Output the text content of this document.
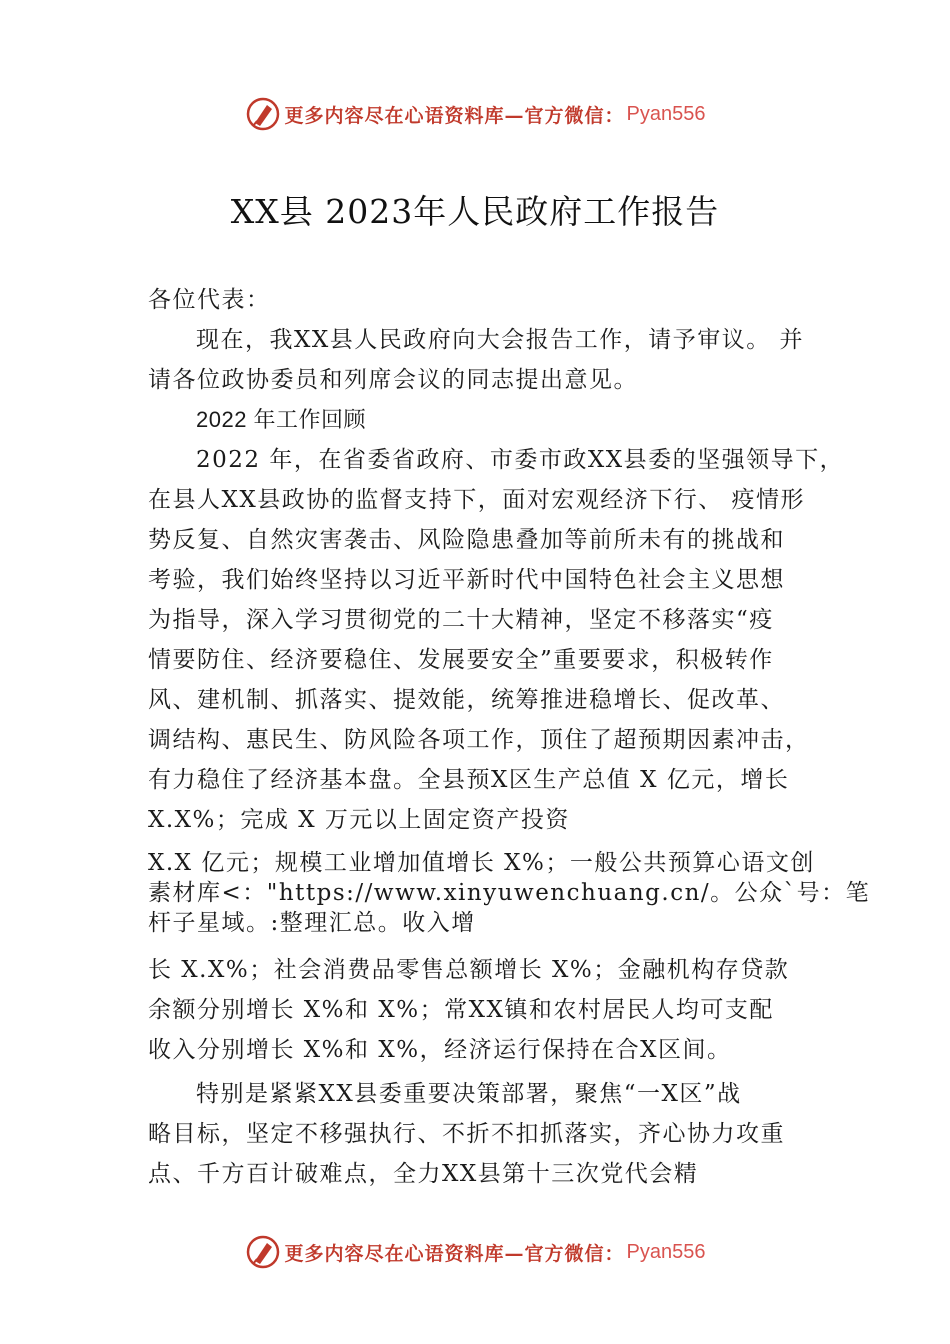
更多内容尽在心语资料库—官方微信： Pyan556
XX县 2023年人民政府工作报告
各位代表：
现在，我XX县人民政府向大会报告工作，请予审议。 并
请各位政协委员和列席会议的同志提出意见。
2022 年工作回顾
2022 年，在省委省政府、市委市政XX县委的坚强领导下，
在县人XX县政协的监督支持下，面对宏观经济下行、 疫情形
势反复、自然灾害袭击、风险隐患叠加等前所未有的挑战和
考验，我们始终坚持以习近平新时代中国特色社会主义思想
为指导，深入学习贯彻党的二十大精神，坚定不移落实“疫
情要防住、经济要稳住、发展要安全”重要要求，积极转作
风、建机制、抓落实、提效能，统筹推进稳增长、促改革、
调结构、惠民生、防风险各项工作，顶住了超预期因素冲击，
有力稳住了经济基本盘。全县预X区生产总值 X 亿元，增长
X.X%；完成 X 万元以上固定资产投资
X.X 亿元；规模工业增加值增长 X%；一般公共预算心语文创
素材库<："https://www.xinyuwenchuang.cn/。公众`号：笔
杆子星域。:整理汇总。收入增
长 X.X%；社会消费品零售总额增长 X%；金融机构存贷款
余额分别增长 X%和 X%；常XX镇和农村居民人均可支配
收入分别增长 X%和 X%，经济运行保持在合X区间。
特别是紧紧XX县委重要决策部署，聚焦“一X区”战
略目标，坚定不移强执行、不折不扣抓落实，齐心协力攻重
点、千方百计破难点，全力XX县第十三次党代会精
更多内容尽在心语资料库—官方微信： Pyan556
